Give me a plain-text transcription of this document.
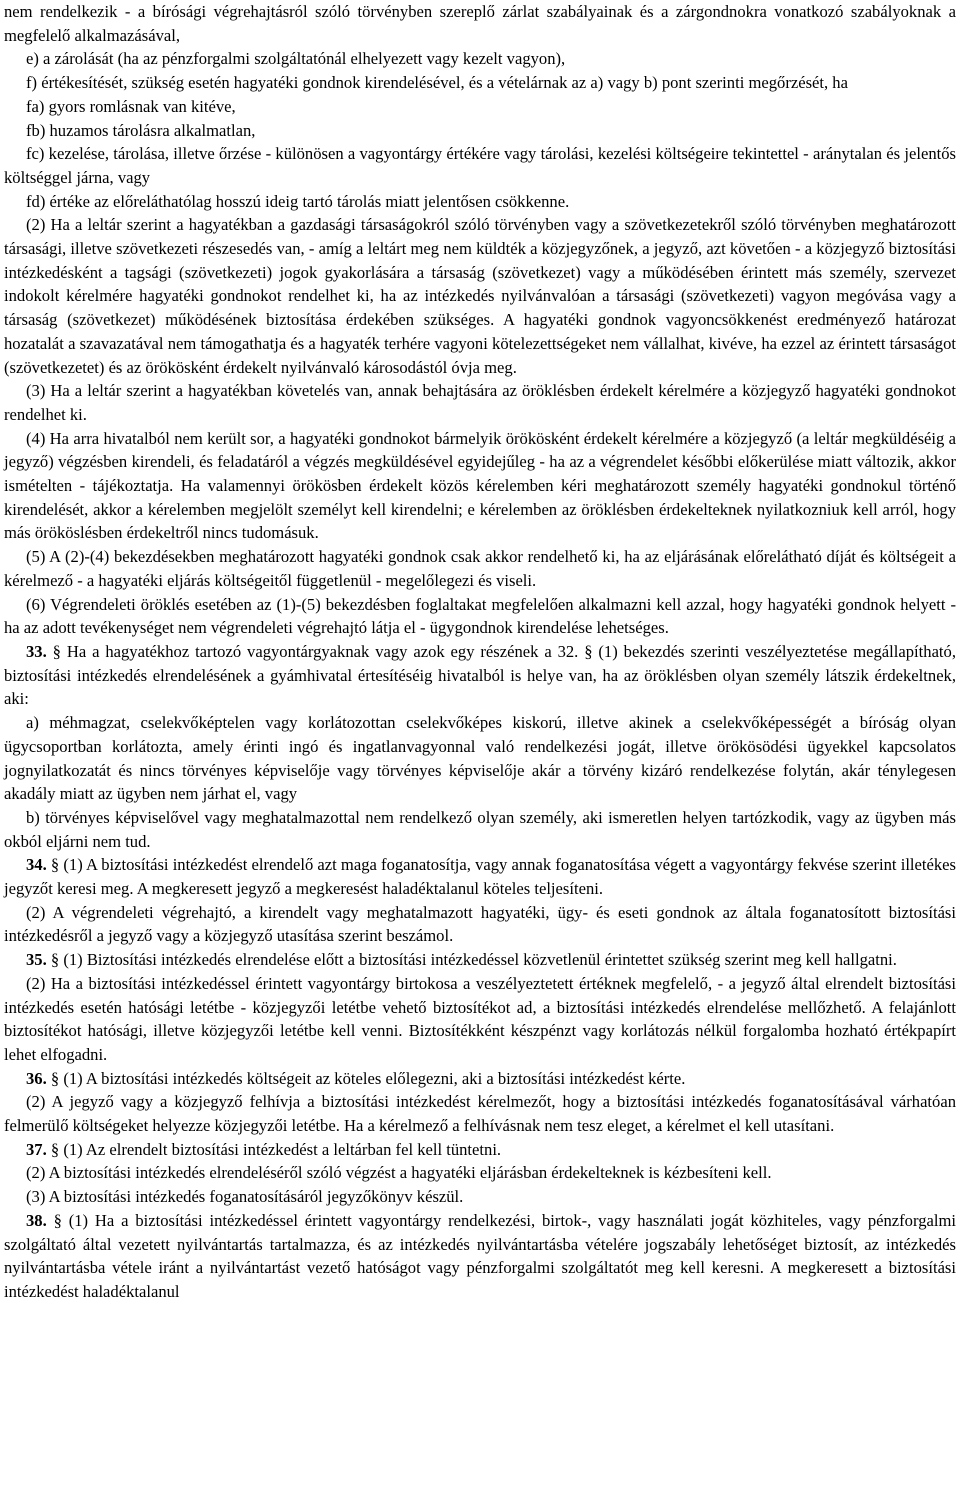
nem rendelkezik - a bírósági végrehajtásról szóló törvényben szereplő zárlat szabályainak és a zárgondnokra vonatkozó szabályoknak a megfelelő alkalmazásával,

e) a zárolását (ha az pénzforgalmi szolgáltatónál elhelyezett vagy kezelt vagyon),

f) értékesítését, szükség esetén hagyatéki gondnok kirendelésével, és a vételárnak az a) vagy b) pont szerinti megőrzését, ha

fa) gyors romlásnak van kitéve,

fb) huzamos tárolásra alkalmatlan,

fc) kezelése, tárolása, illetve őrzése - különösen a vagyontárgy értékére vagy tárolási, kezelési költségeire tekintettel - aránytalan és jelentős költséggel járna, vagy

fd) értéke az előreláthatólag hosszú ideig tartó tárolás miatt jelentősen csökkenne.

(2) Ha a leltár szerint a hagyatékban a gazdasági társaságokról szóló törvényben vagy a szövetkezetekről szóló törvényben meghatározott társasági, illetve szövetkezeti részesedés van, - amíg a leltárt meg nem küldték a közjegyzőnek, a jegyző, azt követően - a közjegyző biztosítási intézkedésként a tagsági (szövetkezeti) jogok gyakorlására a társaság (szövetkezet) vagy a működésében érintett más személy, szervezet indokolt kérelmére hagyatéki gondnokot rendelhet ki, ha az intézkedés nyilvánvalóan a társasági (szövetkezeti) vagyon megóvása vagy a társaság (szövetkezet) működésének biztosítása érdekében szükséges. A hagyatéki gondnok vagyoncsökkenést eredményező határozat hozatalát a szavazatával nem támogathatja és a hagyaték terhére vagyoni kötelezettségeket nem vállalhat, kivéve, ha ezzel az érintett társaságot (szövetkezetet) és az örökösként érdekelt nyilvánvaló károsodástól óvja meg.

(3) Ha a leltár szerint a hagyatékban követelés van, annak behajtására az öröklésben érdekelt kérelmére a közjegyző hagyatéki gondnokot rendelhet ki.

(4) Ha arra hivatalból nem került sor, a hagyatéki gondnokot bármelyik örökösként érdekelt kérelmére a közjegyző (a leltár megküldéséig a jegyző) végzésben kirendeli, és feladatáról a végzés megküldésével egyidejűleg - ha az a végrendelet későbbi előkerülése miatt változik, akkor ismételten - tájékoztatja. Ha valamennyi örökösben érdekelt közös kérelemben kéri meghatározott személy hagyatéki gondnokul történő kirendelését, akkor a kérelemben megjelölt személyt kell kirendelni; e kérelemben az öröklésben érdekelteknek nyilatkozniuk kell arról, hogy más örököslésben érdekeltről nincs tudomásuk.

(5) A (2)-(4) bekezdésekben meghatározott hagyatéki gondnok csak akkor rendelhető ki, ha az eljárásának előrelátható díját és költségeit a kérelmező - a hagyatéki eljárás költségeitől függetlenül - megelőlegezi és viseli.

(6) Végrendeleti öröklés esetében az (1)-(5) bekezdésben foglaltakat megfelelően alkalmazni kell azzal, hogy hagyatéki gondnok helyett - ha az adott tevékenységet nem végrendeleti végrehajtó látja el - ügygondnok kirendelése lehetséges.

33. § Ha a hagyatékhoz tartozó vagyontárgyaknak vagy azok egy részének a 32. § (1) bekezdés szerinti veszélyeztetése megállapítható, biztosítási intézkedés elrendelésének a gyámhivatal értesítéséig hivatalból is helye van, ha az öröklésben olyan személy látszik érdekeltnek, aki:

a) méhmagzat, cselekvőképtelen vagy korlátozottan cselekvőképes kiskorú, illetve akinek a cselekvőképességét a bíróság olyan ügycsoportban korlátozta, amely érinti ingó és ingatlanvagyonnal való rendelkezési jogát, illetve örökösödési ügyekkel kapcsolatos jognyilatkozatát és nincs törvényes képviselője vagy törvényes képviselője akár a törvény kizáró rendelkezése folytán, akár ténylegesen akadály miatt az ügyben nem járhat el, vagy

b) törvényes képviselővel vagy meghatalmazottal nem rendelkező olyan személy, aki ismeretlen helyen tartózkodik, vagy az ügyben más okból eljárni nem tud.

34. § (1) A biztosítási intézkedést elrendelő azt maga foganatosítja, vagy annak foganatosítása végett a vagyontárgy fekvése szerint illetékes jegyzőt keresi meg. A megkeresett jegyző a megkeresést haladéktalanul köteles teljesíteni.

(2) A végrendeleti végrehajtó, a kirendelt vagy meghatalmazott hagyatéki, ügy- és eseti gondnok az általa foganatosított biztosítási intézkedésről a jegyző vagy a közjegyző utasítása szerint beszámol.

35. § (1) Biztosítási intézkedés elrendelése előtt a biztosítási intézkedéssel közvetlenül érintettet szükség szerint meg kell hallgatni.

(2) Ha a biztosítási intézkedéssel érintett vagyontárgy birtokosa a veszélyeztetett értéknek megfelelő, - a jegyző által elrendelt biztosítási intézkedés esetén hatósági letétbe - közjegyzői letétbe vehető biztosítékot ad, a biztosítási intézkedés elrendelése mellőzhető. A felajánlott biztosítékot hatósági, illetve közjegyzői letétbe kell venni. Biztosítékként készpénzt vagy korlátozás nélkül forgalomba hozható értékpapírt lehet elfogadni.

36. § (1) A biztosítási intézkedés költségeit az köteles előlegezni, aki a biztosítási intézkedést kérte.

(2) A jegyző vagy a közjegyző felhívja a biztosítási intézkedést kérelmezőt, hogy a biztosítási intézkedés foganatosításával várhatóan felmerülő költségeket helyezze közjegyzői letétbe. Ha a kérelmező a felhívásnak nem tesz eleget, a kérelmet el kell utasítani.

37. § (1) Az elrendelt biztosítási intézkedést a leltárban fel kell tüntetni.

(2) A biztosítási intézkedés elrendeléséről szóló végzést a hagyatéki eljárásban érdekelteknek is kézbesíteni kell.

(3) A biztosítási intézkedés foganatosításáról jegyzőkönyv készül.

38. § (1) Ha a biztosítási intézkedéssel érintett vagyontárgy rendelkezési, birtok-, vagy használati jogát közhiteles, vagy pénzforgalmi szolgáltató által vezetett nyilvántartás tartalmazza, és az intézkedés nyilvántartásba vételére jogszabály lehetőséget biztosít, az intézkedés nyilvántartásba vétele iránt a nyilvántartást vezető hatóságot vagy pénzforgalmi szolgáltatót meg kell keresni. A megkeresett a biztosítási intézkedést haladéktalanul
